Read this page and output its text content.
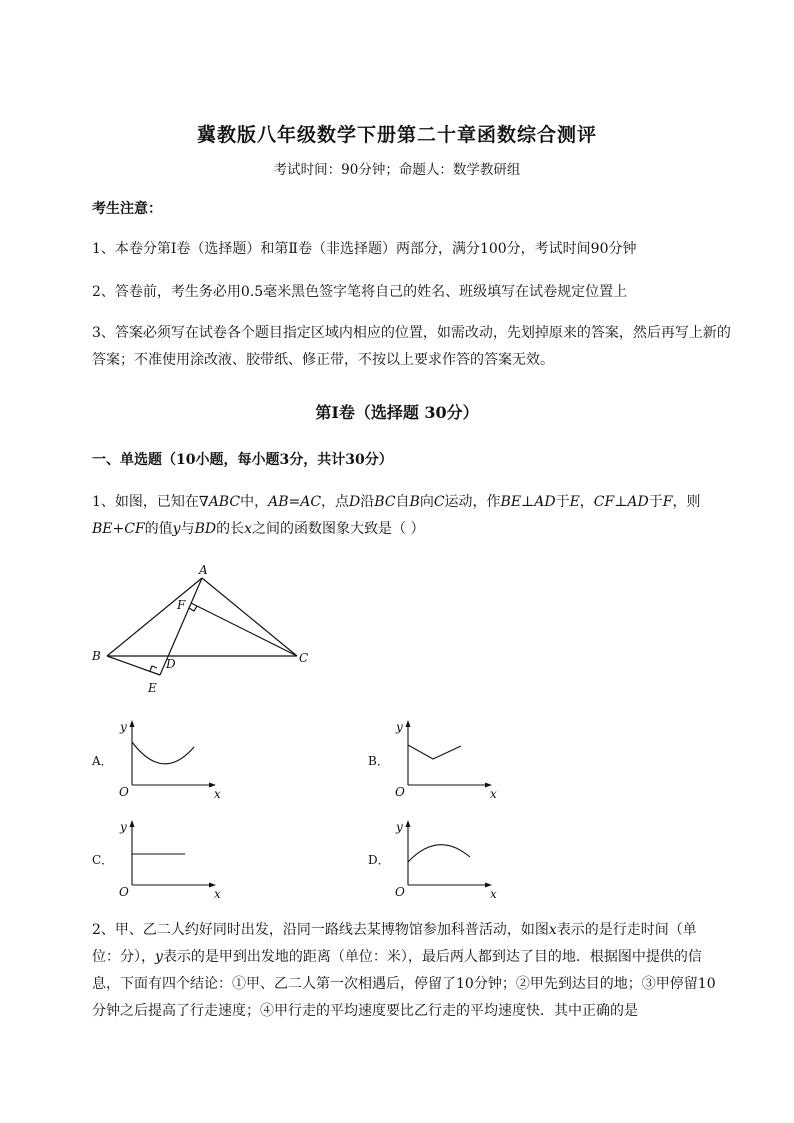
冀教版八年级数学下册第二十章函数综合测评
考试时间：90分钟；命题人：数学教研组
考生注意：
1、本卷分第I卷（选择题）和第Ⅱ卷（非选择题）两部分，满分100分，考试时间90分钟
2、答卷前，考生务必用0.5毫米黑色签字笔将自己的姓名、班级填写在试卷规定位置上
3、答案必须写在试卷各个题目指定区域内相应的位置，如需改动，先划掉原来的答案，然后再写上新的答案；不准使用涂改液、胶带纸、修正带，不按以上要求作答的答案无效。
第I卷（选择题 30分）
一、单选题（10小题，每小题3分，共计30分）
1、如图，已知在∇ABC中，AB=AC，点D沿BC自B向C运动，作BE⊥AD于E，CF⊥AD于F，则BE+CF的值y与BD的长x之间的函数图象大致是（ ）
A
B	C
D
E
F
A．
y
x
O
B．
y
x
O
C．
y
x
O
D．
y
x
O
2、甲、乙二人约好同时出发，沿同一路线去某博物馆参加科普活动，如图x表示的是行走时间（单位：分），y表示的是甲到出发地的距离（单位：米），最后两人都到达了目的地．根据图中提供的信息，下面有四个结论：①甲、乙二人第一次相遇后，停留了10分钟；②甲先到达目的地；③甲停留10分钟之后提高了行走速度；④甲行走的平均速度要比乙行走的平均速度快．其中正确的是
